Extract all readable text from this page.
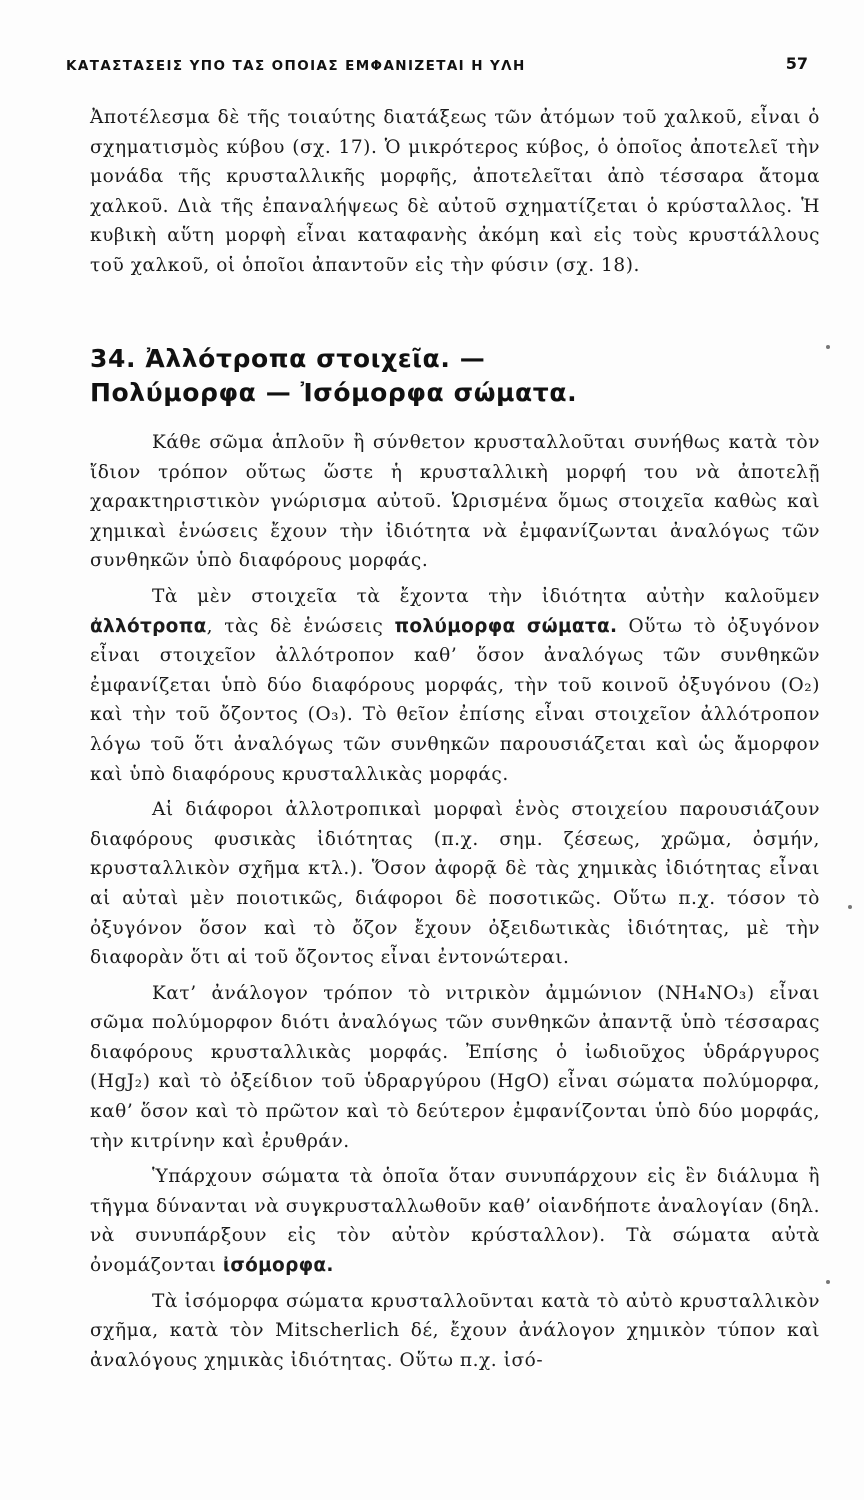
ΚΑΤΑΣΤΑΣΕΙΣ ΥΠΟ ΤΑΣ ΟΠΟΙΑΣ ΕΜΦΑΝΙΖΕΤΑΙ Η ΥΛΗ	57

Ἀποτέλεσμα δὲ τῆς τοιαύτης διατάξεως τῶν ἀτόμων τοῦ χαλκοῦ, εἶναι ὁ σχηματισμὸς κύβου (σχ. 17). Ὁ μικρότερος κύβος, ὁ ὁποῖος ἀποτελεῖ τὴν μονάδα τῆς κρυσταλλικῆς μορφῆς, ἀποτελεῖται ἀπὸ τέσσαρα ἄτομα χαλκοῦ. Διὰ τῆς ἐπαναλήψεως δὲ αὐτοῦ σχηματίζεται ὁ κρύσταλλος. Ἡ κυβικὴ αὕτη μορφὴ εἶναι καταφανὴς ἀκόμη καὶ εἰς τοὺς κρυστάλλους τοῦ χαλκοῦ, οἱ ὁποῖοι ἀπαντοῦν εἰς τὴν φύσιν (σχ. 18).

34. Ἀλλότροπα στοιχεῖα. — Πολύμορφα — Ἰσόμορφα σώματα.

Κάθε σῶμα ἁπλοῦν ἢ σύνθετον κρυσταλλοῦται συνήθως κατὰ τὸν ἴδιον τρόπον οὕτως ὥστε ἡ κρυσταλλικὴ μορφή του νὰ ἀποτελῇ χαρακτηριστικὸν γνώρισμα αὐτοῦ. Ὡρισμένα ὅμως στοιχεῖα καθὼς καὶ χημικαὶ ἑνώσεις ἔχουν τὴν ἰδιότητα νὰ ἐμφανίζωνται ἀναλόγως τῶν συνθηκῶν ὑπὸ διαφόρους μορφάς.

Τὰ μὲν στοιχεῖα τὰ ἔχοντα τὴν ἰδιότητα αὐτὴν καλοῦμεν ἀλλότροπα, τὰς δὲ ἑνώσεις πολύμορφα σώματα. Οὕτω τὸ ὀξυγόνον εἶναι στοιχεῖον ἀλλότροπον καθ’ ὅσον ἀναλόγως τῶν συνθηκῶν ἐμφανίζεται ὑπὸ δύο διαφόρους μορφάς, τὴν τοῦ κοινοῦ ὀξυγόνου (O₂) καὶ τὴν τοῦ ὄζοντος (O₃). Τὸ θεῖον ἐπίσης εἶναι στοιχεῖον ἀλλότροπον λόγω τοῦ ὅτι ἀναλόγως τῶν συνθηκῶν παρουσιάζεται καὶ ὡς ἄμορφον καὶ ὑπὸ διαφόρους κρυσταλλικὰς μορφάς.

Αἱ διάφοροι ἀλλοτροπικαὶ μορφαὶ ἑνὸς στοιχείου παρουσιάζουν διαφόρους φυσικὰς ἰδιότητας (π.χ. σημ. ζέσεως, χρῶμα, ὀσμήν, κρυσταλλικὸν σχῆμα κτλ.). Ὅσον ἀφορᾷ δὲ τὰς χημικὰς ἰδιότητας εἶναι αἱ αὐταὶ μὲν ποιοτικῶς, διάφοροι δὲ ποσοτικῶς. Οὕτω π.χ. τόσον τὸ ὀξυγόνον ὅσον καὶ τὸ ὄζον ἔχουν ὀξειδωτικὰς ἰδιότητας, μὲ τὴν διαφορὰν ὅτι αἱ τοῦ ὄζοντος εἶναι ἐντονώτεραι.

Κατ’ ἀνάλογον τρόπον τὸ νιτρικὸν ἀμμώνιον (NH₄NO₃) εἶναι σῶμα πολύμορφον διότι ἀναλόγως τῶν συνθηκῶν ἀπαντᾷ ὑπὸ τέσσαρας διαφόρους κρυσταλλικὰς μορφάς. Ἐπίσης ὁ ἰωδιοῦχος ὑδράργυρος (HgJ₂) καὶ τὸ ὀξείδιον τοῦ ὑδραργύρου (HgO) εἶναι σώματα πολύμορφα, καθ’ ὅσον καὶ τὸ πρῶτον καὶ τὸ δεύτερον ἐμφανίζονται ὑπὸ δύο μορφάς, τὴν κιτρίνην καὶ ἐρυθράν.

Ὑπάρχουν σώματα τὰ ὁποῖα ὅταν συνυπάρχουν εἰς ἓν διάλυμα ἢ τῆγμα δύνανται νὰ συγκρυσταλλωθοῦν καθ’ οἱανδήποτε ἀναλογίαν (δηλ. νὰ συνυπάρξουν εἰς τὸν αὐτὸν κρύσταλλον). Τὰ σώματα αὐτὰ ὀνομάζονται ἰσόμορφα.

Τὰ ἰσόμορφα σώματα κρυσταλλοῦνται κατὰ τὸ αὐτὸ κρυσταλλικὸν σχῆμα, κατὰ τὸν Mitscherlich δέ, ἔχουν ἀνάλογον χημικὸν τύπον καὶ ἀναλόγους χημικὰς ἰδιότητας. Οὕτω π.χ. ἰσό-
